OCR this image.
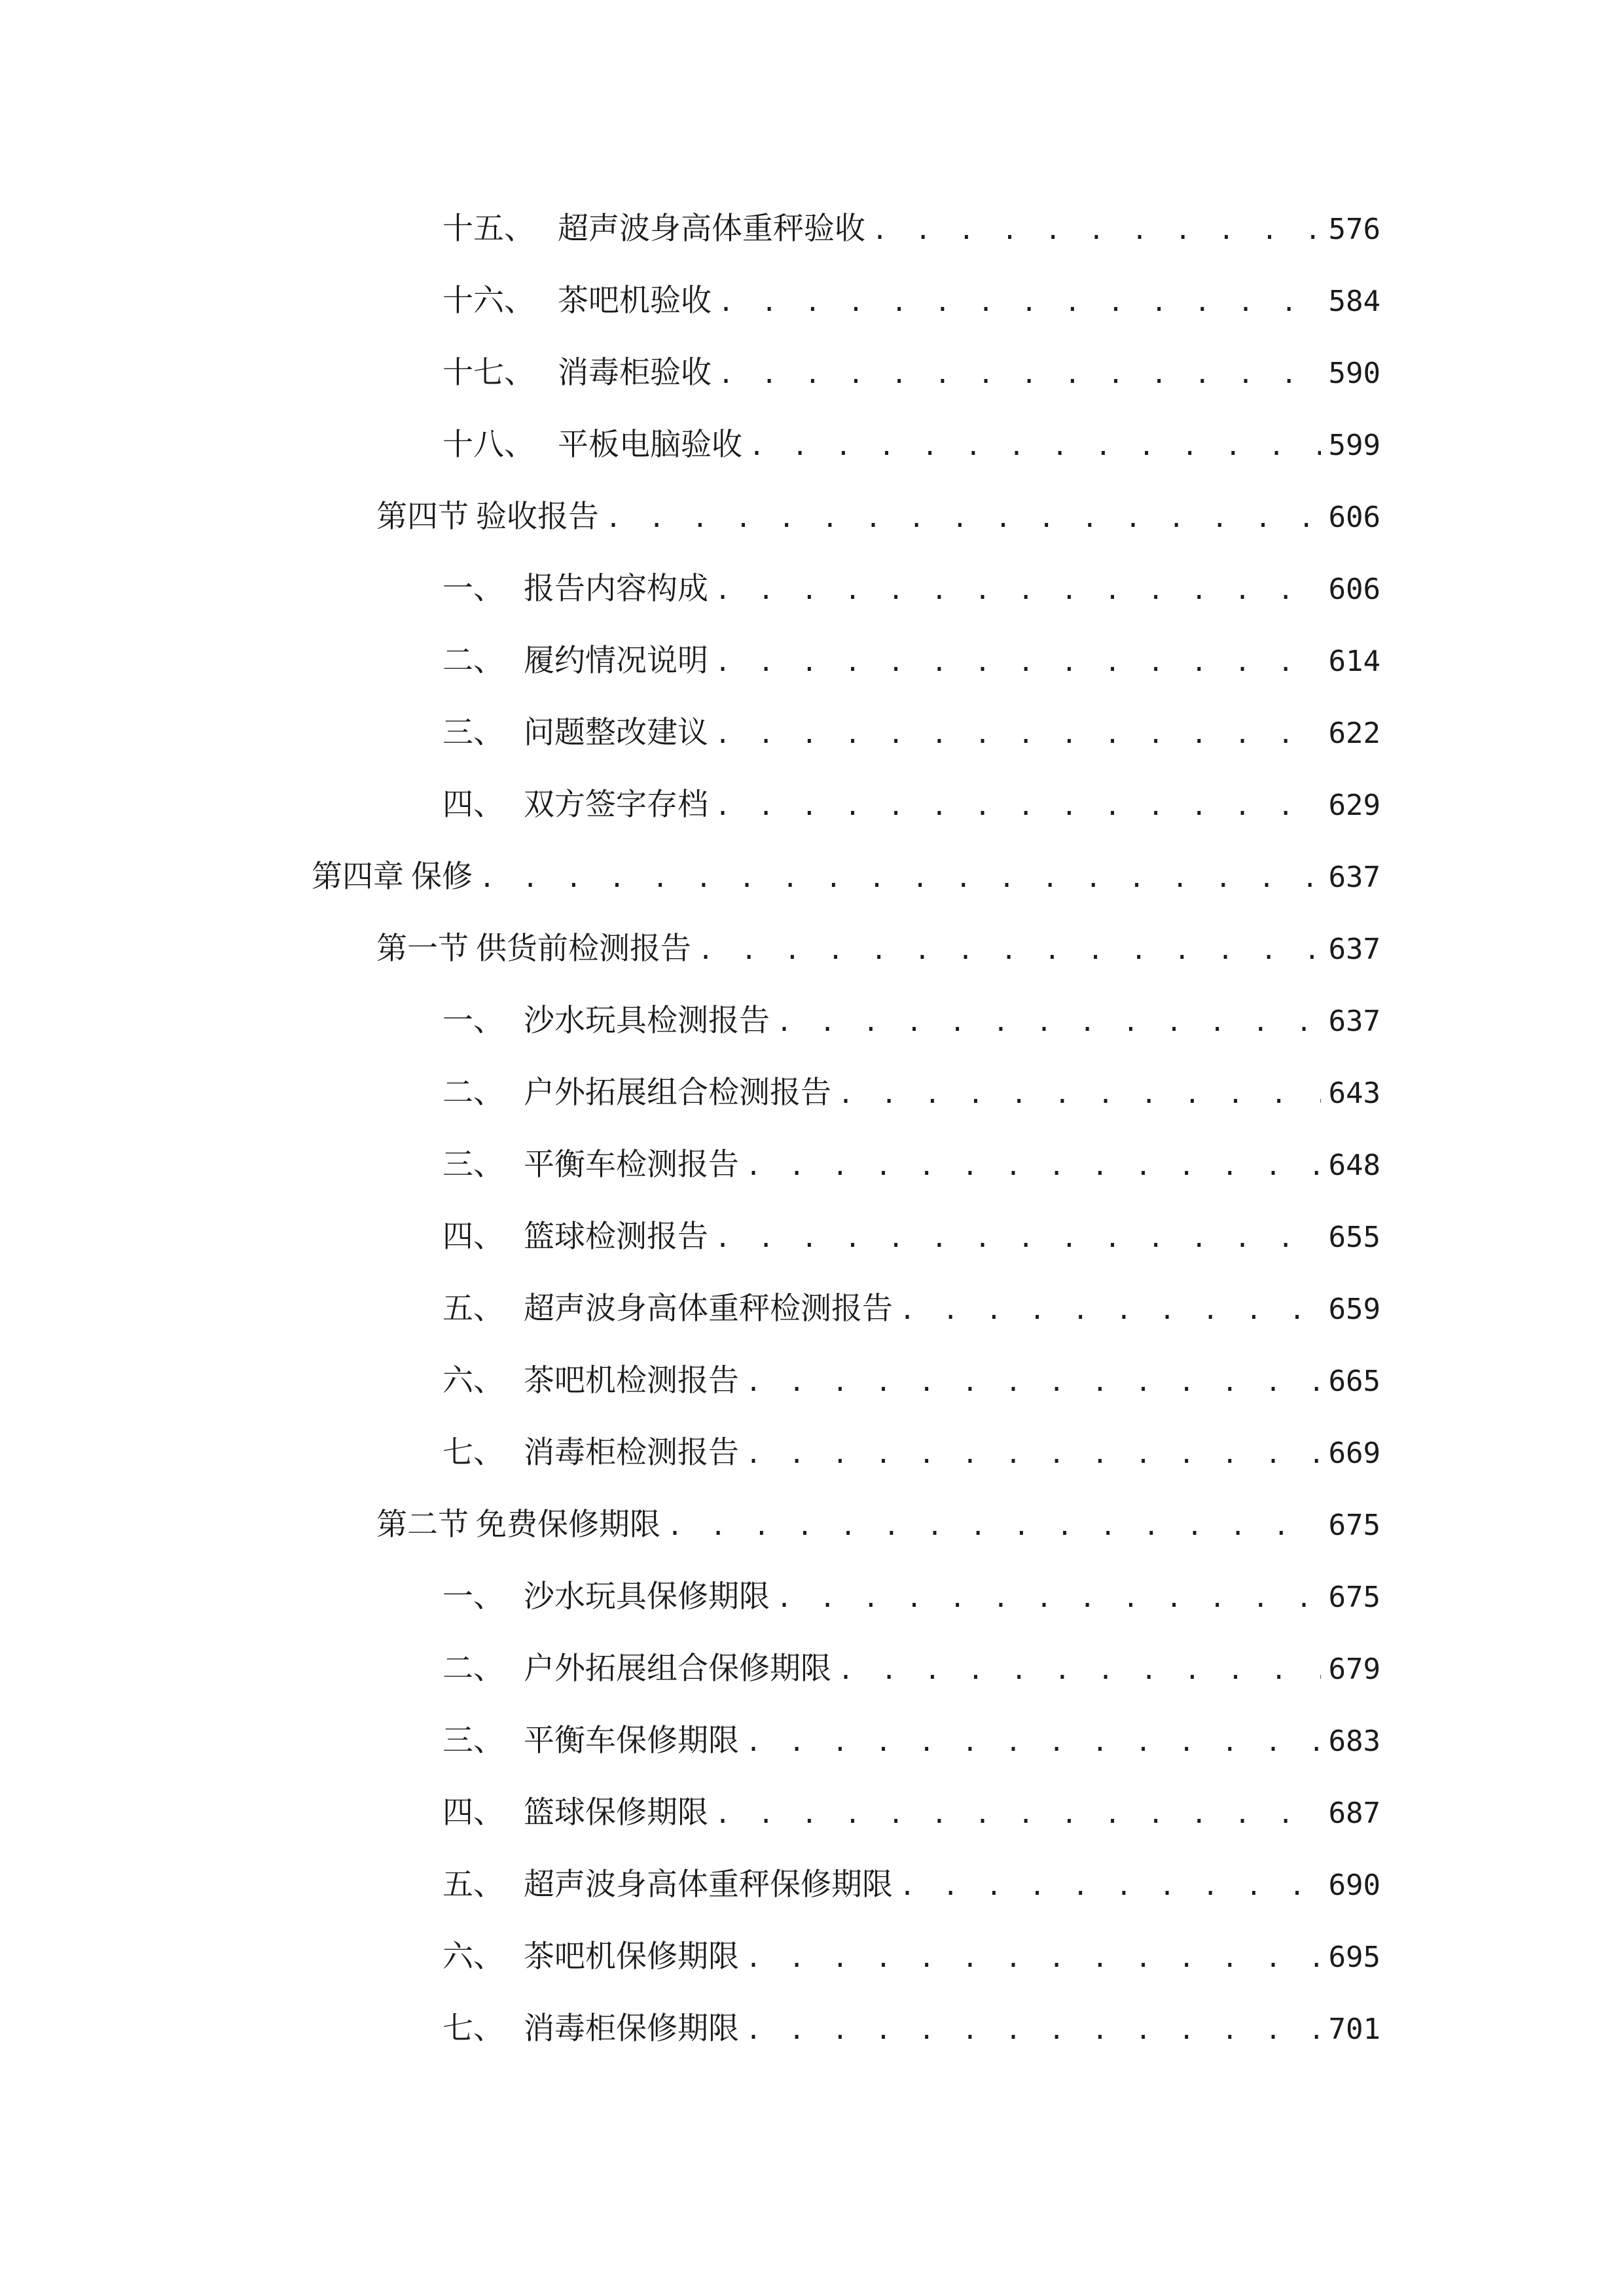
十五、 超声波身高体重秤验收 . . .	576
十六、 茶吧机验收 . . .	584
十七、 消毒柜验收 . . .	590
十八、 平板电脑验收 . . .	599
第四节 验收报告 . . .	606
一、 报告内容构成 . . .	606
二、 履约情况说明 . . .	614
三、 问题整改建议 . . .	622
四、 双方签字存档 . . .	629
第四章 保修 . . .	637
第一节 供货前检测报告 . . .	637
一、 沙水玩具检测报告 . . .	637
二、 户外拓展组合检测报告 . . .	643
三、 平衡车检测报告 . . .	648
四、 篮球检测报告 . . .	655
五、 超声波身高体重秤检测报告 . . .	659
六、 茶吧机检测报告 . . .	665
七、 消毒柜检测报告 . . .	669
第二节 免费保修期限 . . .	675
一、 沙水玩具保修期限 . . .	675
二、 户外拓展组合保修期限 . . .	679
三、 平衡车保修期限 . . .	683
四、 篮球保修期限 . . .	687
五、 超声波身高体重秤保修期限 . . .	690
六、 茶吧机保修期限 . . .	695
七、 消毒柜保修期限 . . .	701
